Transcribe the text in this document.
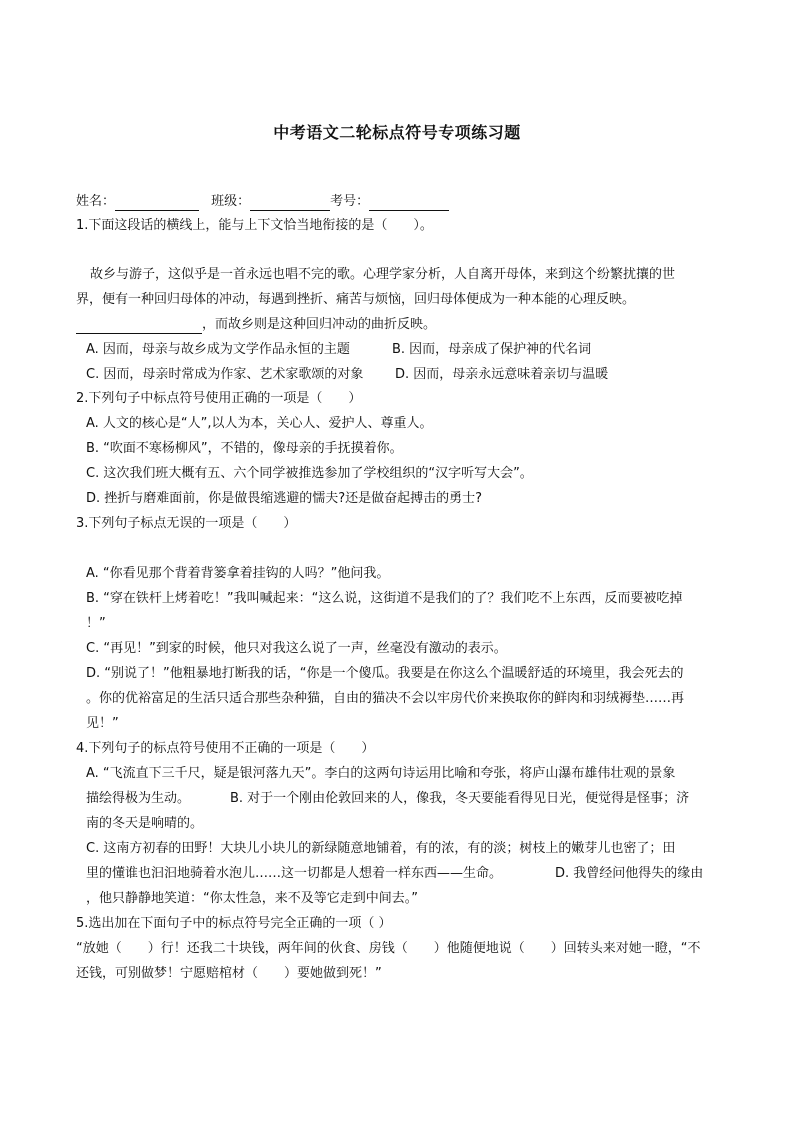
中考语文二轮标点符号专项练习题
姓名：	班级：	考号：
1.下面这段话的横线上，能与上下文恰当地衔接的是（　　）。
故乡与游子，这似乎是一首永远也唱不完的歌。心理学家分析，人自离开母体，来到这个纷繁扰攘的世
界，便有一种回归母体的冲动，每遇到挫折、痛苦与烦恼，回归母体便成为一种本能的心理反映。
，而故乡则是这种回归冲动的曲折反映。
A. 因而，母亲与故乡成为文学作品永恒的主题	B. 因而，母亲成了保护神的代名词
C. 因而，母亲时常成为作家、艺术家歌颂的对象 D. 因而，母亲永远意味着亲切与温暖
2.下列句子中标点符号使用正确的一项是（　　）
A. 人文的核心是“人”,以人为本，关心人、爱护人、尊重人。
B. “吹面不寒杨柳风”，不错的，像母亲的手抚摸着你。
C. 这次我们班大概有五、六个同学被推选参加了学校组织的“汉字听写大会”。
D. 挫折与磨难面前，你是做畏缩逃避的懦夫?还是做奋起搏击的勇士?
3.下列句子标点无误的一项是（　　）
A. “你看见那个背着背篓拿着挂钩的人吗？”他问我。
B. “穿在铁杆上烤着吃！”我叫喊起来：“这么说，这街道不是我们的了？我们吃不上东西，反而要被吃掉
！”
C. “再见！”到家的时候，他只对我这么说了一声，丝毫没有激动的表示。
D. “别说了！”他粗暴地打断我的话，“你是一个傻瓜。我要是在你这么个温暖舒适的环境里，我会死去的
。你的优裕富足的生活只适合那些杂种猫，自由的猫决不会以牢房代价来换取你的鲜肉和羽绒褥垫……再
见！”
4.下列句子的标点符号使用不正确的一项是（　　）
A. “飞流直下三千尺，疑是银河落九天”。李白的这两句诗运用比喻和夸张，将庐山瀑布雄伟壮观的景象
描绘得极为生动。	B. 对于一个刚由伦敦回来的人，像我，冬天要能看得见日光，便觉得是怪事；济
南的冬天是响晴的。
C. 这南方初春的田野！大块儿小块儿的新绿随意地铺着，有的浓，有的淡；树枝上的嫩芽儿也密了；田
里的懂谁也汩汩地骑着水泡儿……这一切都是人想着一样东西——生命。	D. 我曾经问他得失的缘由
，他只静静地笑道：“你太性急，来不及等它走到中间去。”
5.选出加在下面句子中的标点符号完全正确的一项（ ）
“放她（　　）行！还我二十块钱，两年间的伙食、房钱（　　）他随便地说（　　）回转头来对她一瞪，“不
还钱，可别做梦！宁愿赔棺材（　　）要她做到死！”
